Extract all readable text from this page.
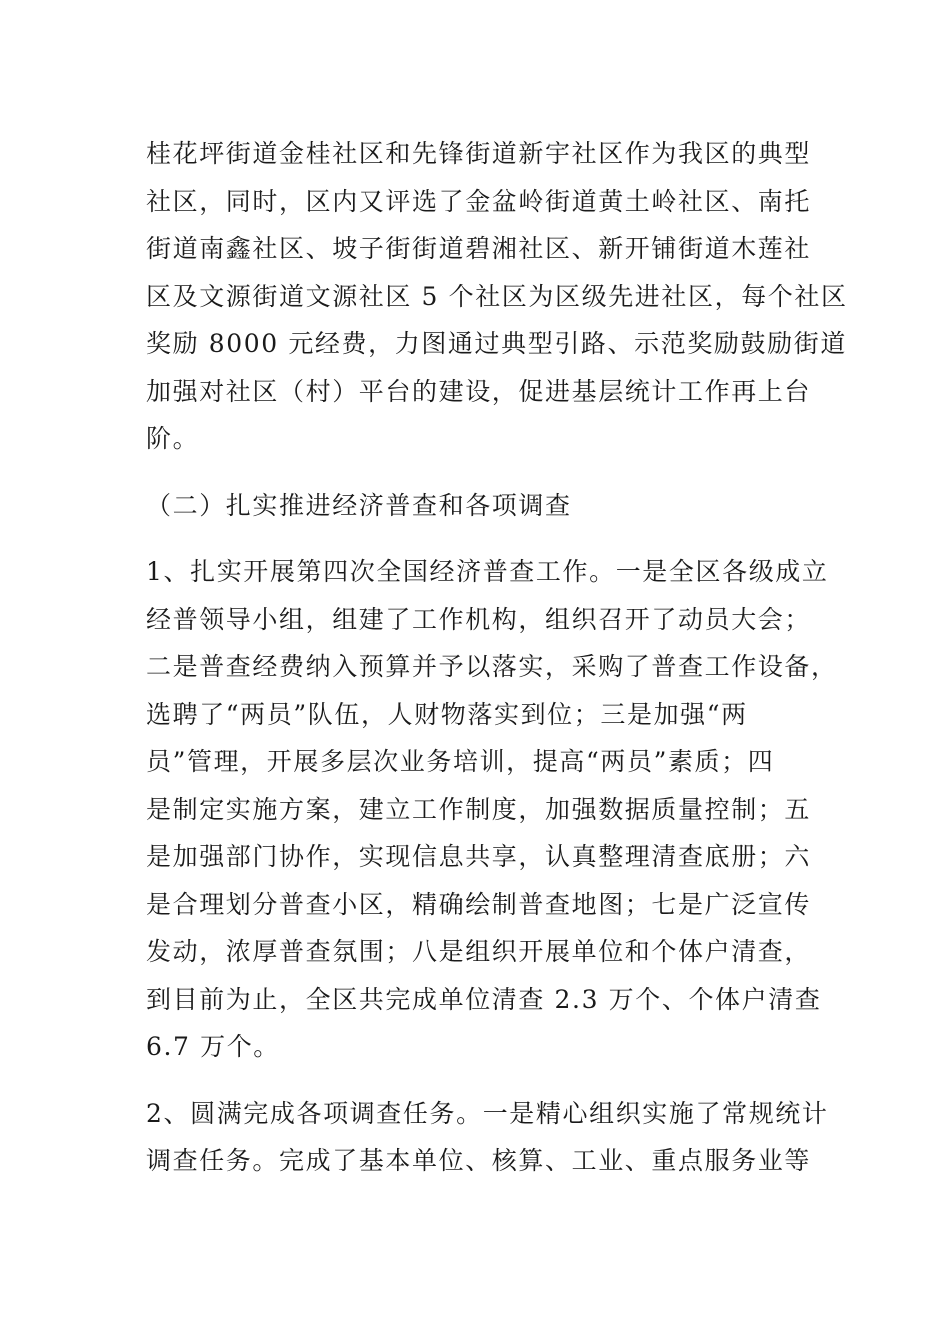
桂花坪街道金桂社区和先锋街道新宇社区作为我区的典型
社区，同时，区内又评选了金盆岭街道黄土岭社区、南托
街道南鑫社区、坡子街街道碧湘社区、新开铺街道木莲社
区及文源街道文源社区 5 个社区为区级先进社区，每个社区
奖励 8000 元经费，力图通过典型引路、示范奖励鼓励街道
加强对社区（村）平台的建设，促进基层统计工作再上台
阶。
（二）扎实推进经济普查和各项调查
1、扎实开展第四次全国经济普查工作。一是全区各级成立
经普领导小组，组建了工作机构，组织召开了动员大会；
二是普查经费纳入预算并予以落实，采购了普查工作设备，
选聘了“两员”队伍，人财物落实到位；三是加强“两
员”管理，开展多层次业务培训，提高“两员”素质；四
是制定实施方案，建立工作制度，加强数据质量控制；五
是加强部门协作，实现信息共享，认真整理清查底册；六
是合理划分普查小区，精确绘制普查地图；七是广泛宣传
发动，浓厚普查氛围；八是组织开展单位和个体户清查，
到目前为止，全区共完成单位清查 2.3 万个、个体户清查
6.7 万个。
2、圆满完成各项调查任务。一是精心组织实施了常规统计
调查任务。完成了基本单位、核算、工业、重点服务业等
